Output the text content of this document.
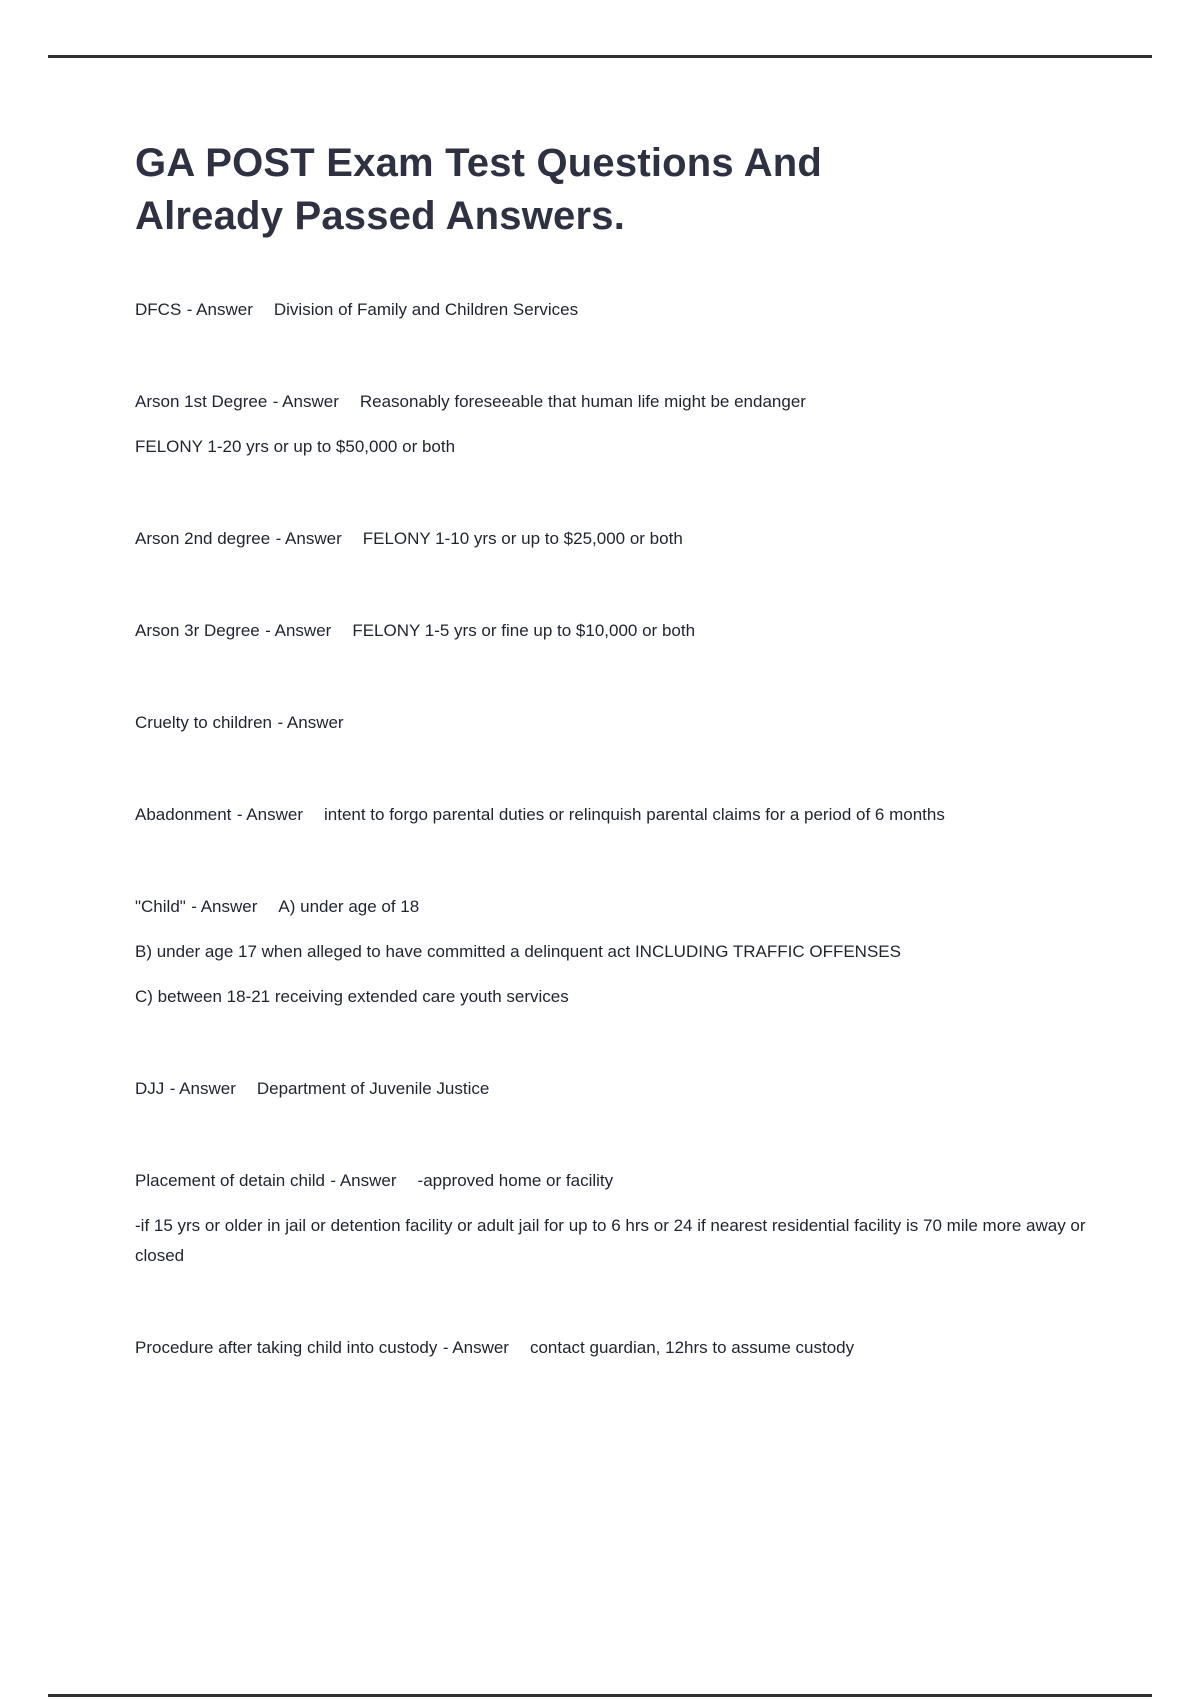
GA POST Exam Test Questions And
Already Passed Answers.

DFCS - Answer Division of Family and Children Services

Arson 1st Degree - Answer Reasonably foreseeable that human life might be endanger

FELONY 1-20 yrs or up to $50,000 or both

Arson 2nd degree - Answer FELONY 1-10 yrs or up to $25,000 or both

Arson 3r Degree - Answer FELONY 1-5 yrs or fine up to $10,000 or both

Cruelty to children - Answer

Abadonment - Answer intent to forgo parental duties or relinquish parental claims for a period of 6 months

"Child" - Answer A) under age of 18

B) under age 17 when alleged to have committed a delinquent act INCLUDING TRAFFIC OFFENSES

C) between 18-21 receiving extended care youth services

DJJ - Answer Department of Juvenile Justice

Placement of detain child - Answer -approved home or facility

-if 15 yrs or older in jail or detention facility or adult jail for up to 6 hrs or 24 if nearest residential facility is 70 mile more away or closed

Procedure after taking child into custody - Answer contact guardian, 12hrs to assume custody
